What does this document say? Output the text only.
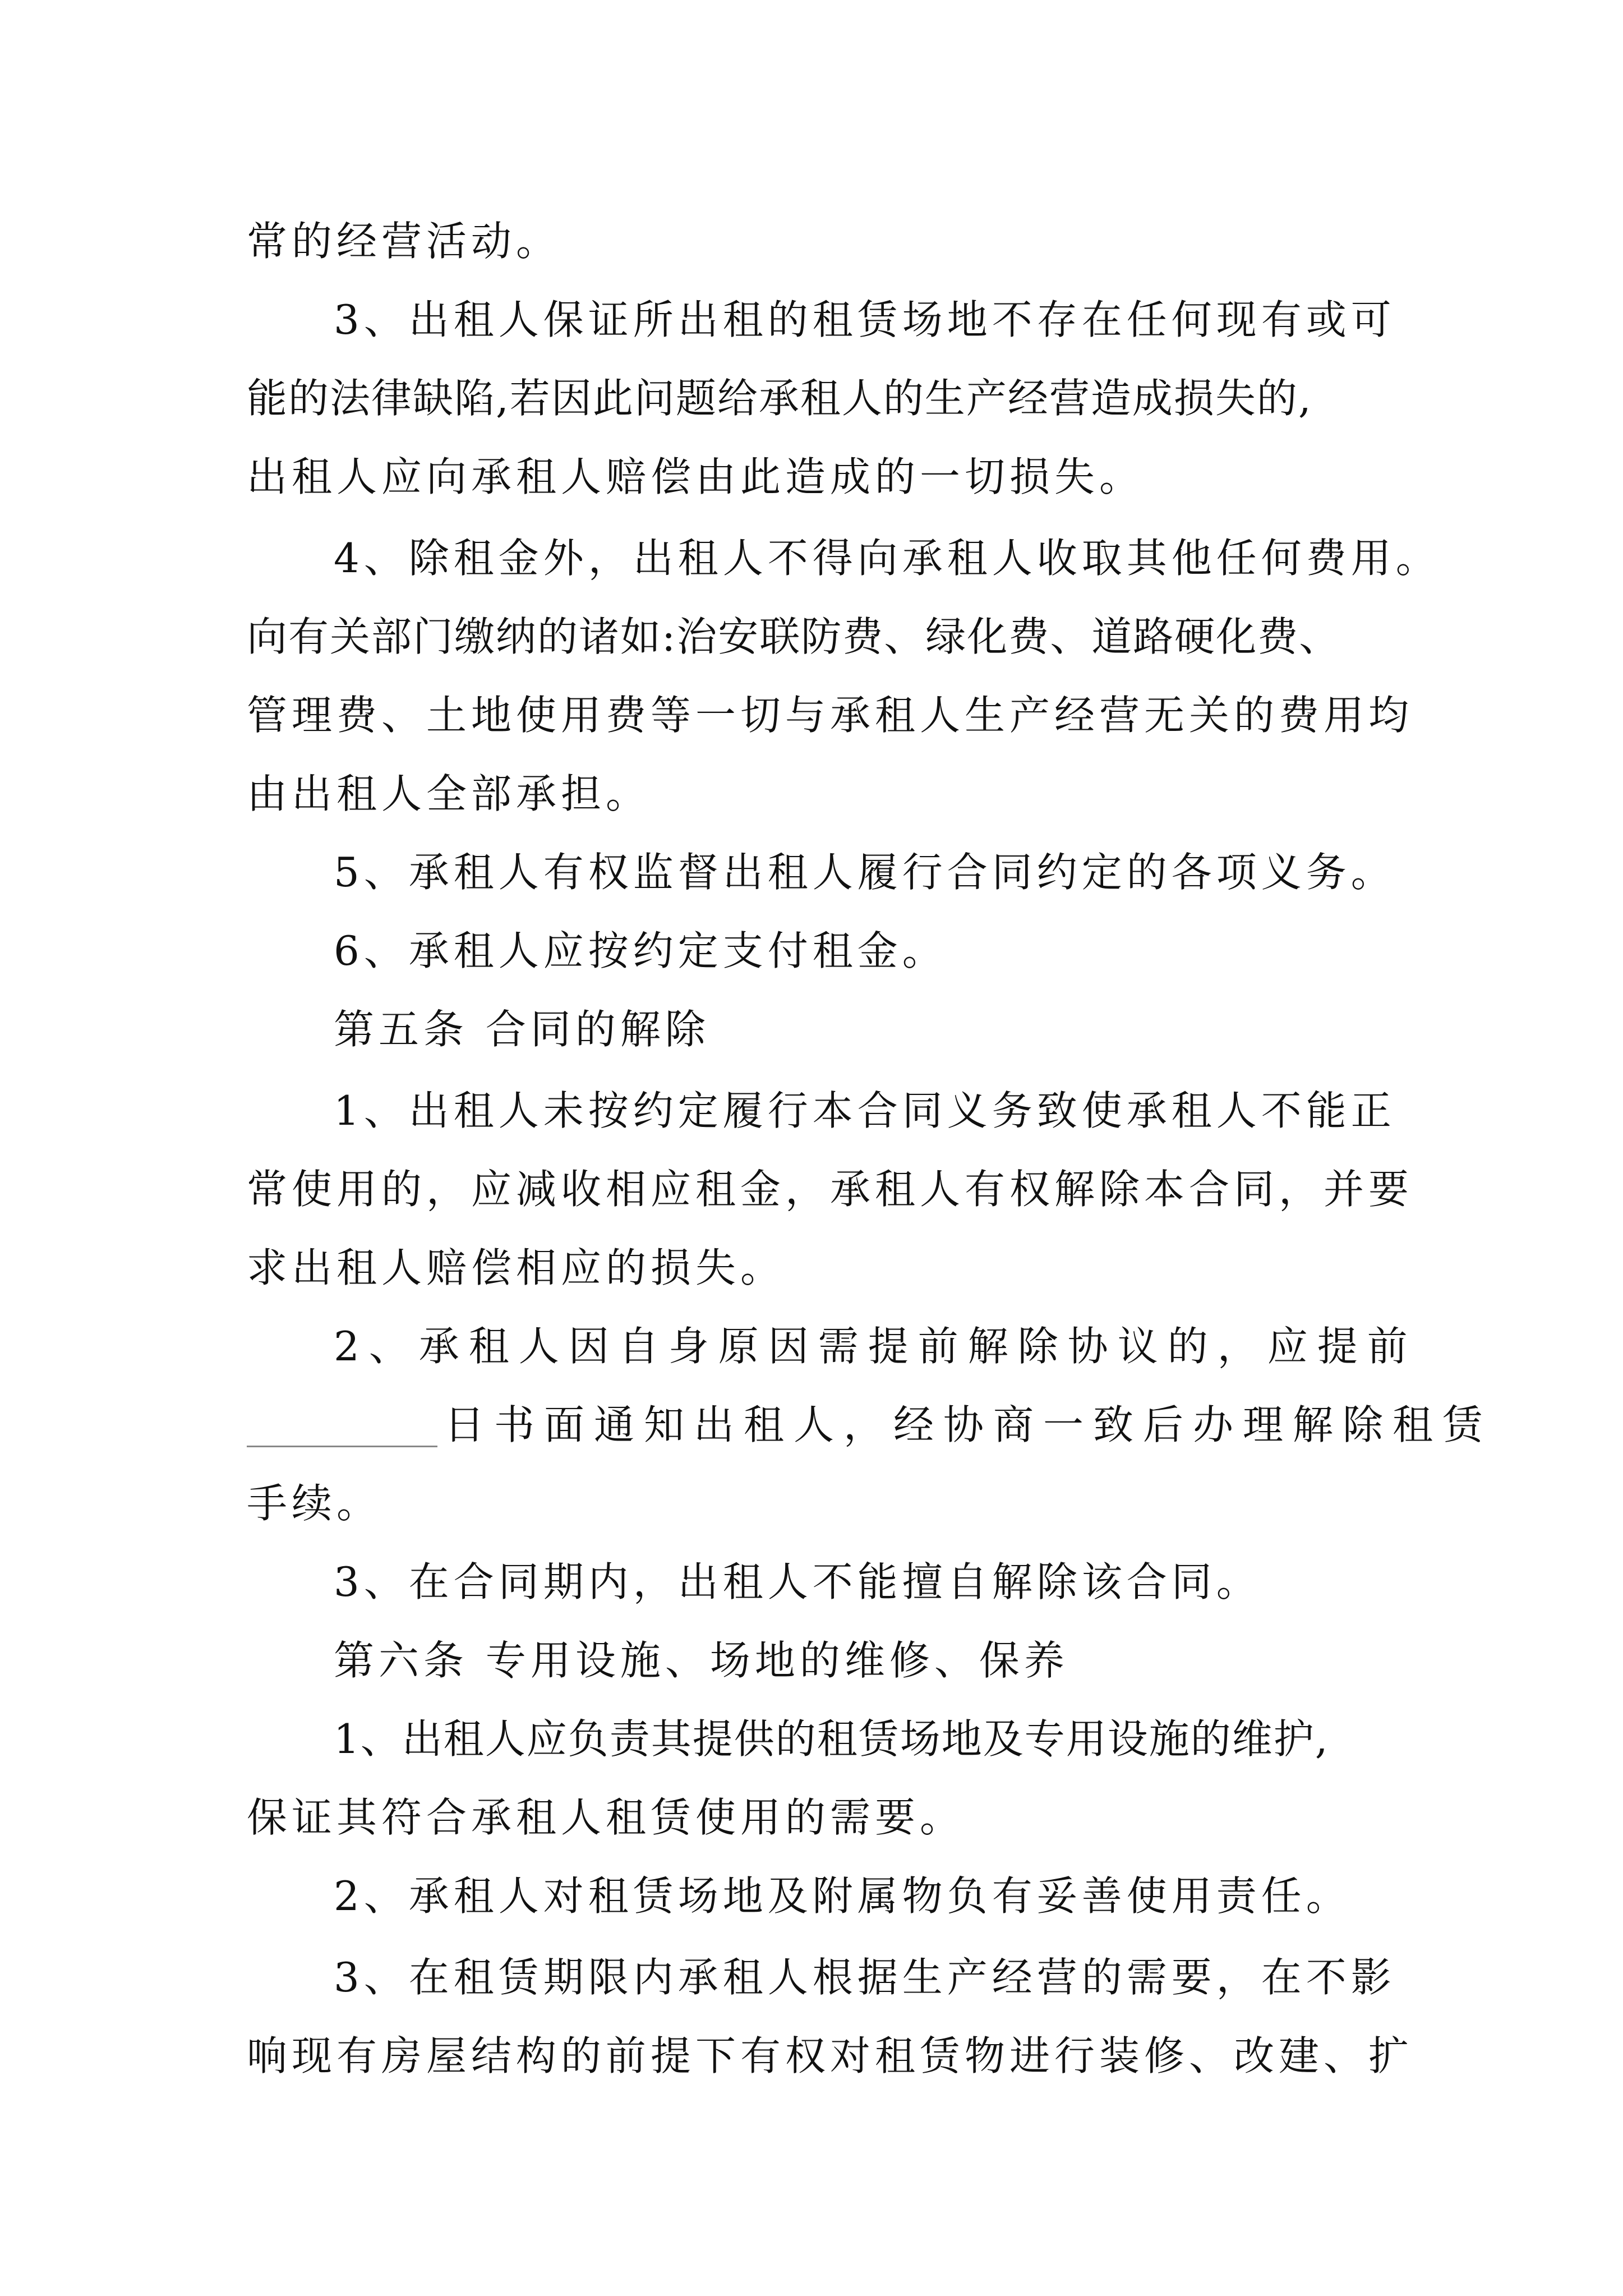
常的经营活动。
3、出租人保证所出租的租赁场地不存在任何现有或可
能的法律缺陷,若因此问题给承租人的生产经营造成损失的,
出租人应向承租人赔偿由此造成的一切损失。
4、除租金外，出租人不得向承租人收取其他任何费用。
向有关部门缴纳的诸如:治安联防费、绿化费、道路硬化费、
管理费、土地使用费等一切与承租人生产经营无关的费用均
由出租人全部承担。
5、承租人有权监督出租人履行合同约定的各项义务。
6、承租人应按约定支付租金。
第五条 合同的解除
1、出租人未按约定履行本合同义务致使承租人不能正
常使用的，应减收相应租金，承租人有权解除本合同，并要
求出租人赔偿相应的损失。
2、承租人因自身原因需提前解除协议的，应提前
日书面通知出租人，经协商一致后办理解除租赁
手续。
3、在合同期内，出租人不能擅自解除该合同。
第六条 专用设施、场地的维修、保养
1、出租人应负责其提供的租赁场地及专用设施的维护,
保证其符合承租人租赁使用的需要。
2、承租人对租赁场地及附属物负有妥善使用责任。
3、在租赁期限内承租人根据生产经营的需要，在不影
响现有房屋结构的前提下有权对租赁物进行装修、改建、扩
